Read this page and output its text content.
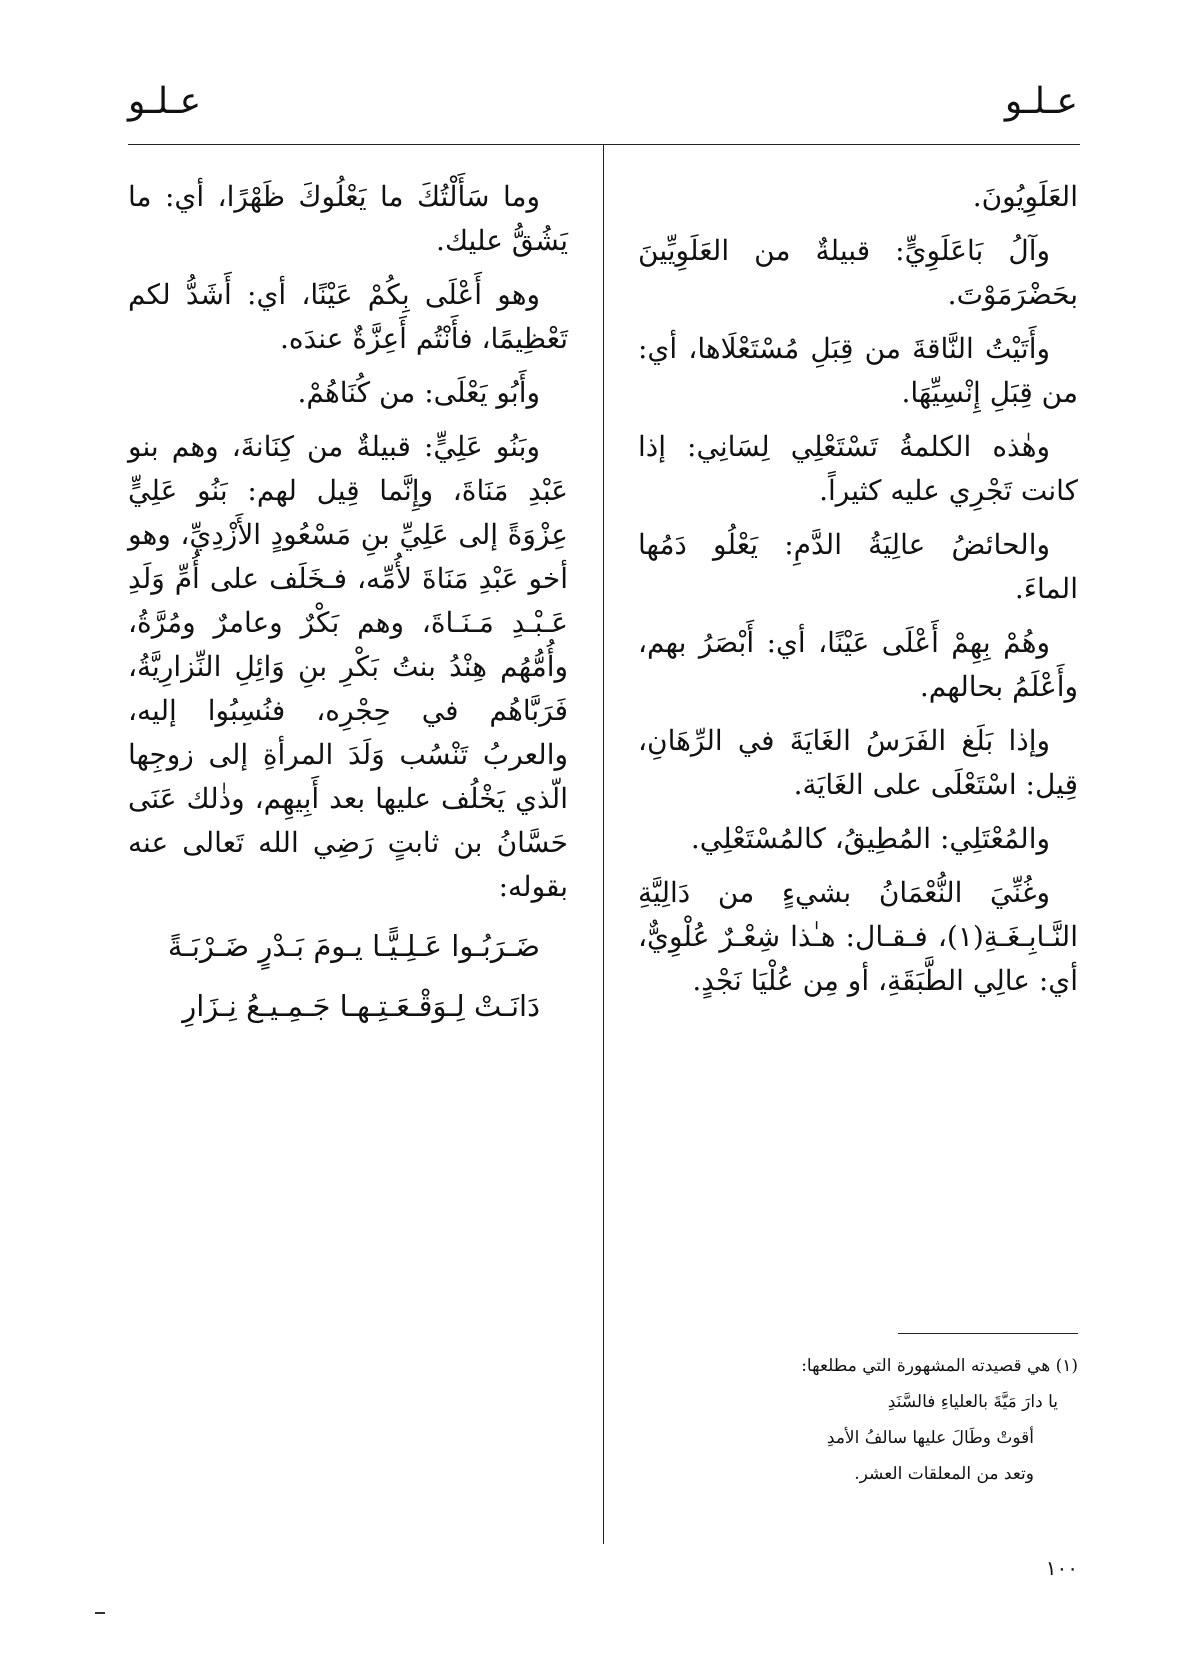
عـلـو
عـلـو

العَلَوِيُونَ.

وآلُ بَاعَلَوِيٍّ: قبيلةٌ من العَلَوِيِّينَ بحَضْرَمَوْتَ.

وأَتَيْتُ النَّاقةَ من قِبَلِ مُسْتَعْلَاها، أي: من قِبَلِ إِنْسِيِّهَا.

وهٰذه الكلمةُ تَسْتَعْلِي لِسَانِي: إذا كانت تَجْرِي عليه كثيراً.

والحائضُ عالِيَةُ الدَّمِ: يَعْلُو دَمُها الماءَ.

وهُمْ بِهِمْ أَعْلَى عَيْنًا، أي: أَبْصَرُ بهم، وأَعْلَمُ بحالهم.

وإذا بَلَغ الفَرَسُ الغَايَةَ في الرِّهَانِ، قِيل: اسْتَعْلَى على الغَايَة.

والمُعْتَلِي: المُطِيقُ، كالمُسْتَعْلِي.

وغُنِّيَ النُّعْمَانُ بشيءٍ من دَالِيَّةِ النَّـابِـغَـةِ(١)، فـقـال: هـٰذا شِعْـرٌ عُلْوِيٌّ، أي: عالِي الطَّبَقَةِ، أو مِن عُلْيَا نَجْدٍ.

وما سَأَلْتُكَ ما يَعْلُوكَ ظَهْرًا، أي: ما يَشُقُّ عليك.

وهو أَعْلَى بِكُمْ عَيْنًا، أي: أَشَدُّ لكم تَعْظِيمًا، فأَنْتُم أَعِزَّةٌ عندَه.

وأَبُو يَعْلَى: من كُنَاهُمْ.

وبَنُو عَلِيٍّ: قبيلةٌ من كِنَانةَ، وهم بنو عَبْدِ مَنَاةَ، وإِنَّما قِيل لهم: بَنُو عَلِيٍّ عِزْوَةً إلى عَلِيِّ بنِ مَسْعُودٍ الأَزْدِيِّ، وهو أخو عَبْدِ مَنَاةَ لأُمِّه، فـخَلَف على أُمِّ وَلَدِ عَـبْـدِ مَـنَـاةَ، وهم بَكْرٌ وعامرٌ ومُرَّةُ، وأُمُّهُم هِنْدُ بنتُ بَكْرِ بنِ وَائِلِ النِّزارِيَّةُ، فَرَبَّاهُم في حِجْرِه، فنُسِبُوا إليه، والعربُ تَنْسُب وَلَدَ المرأةِ إلى زوجِها الّذي يَخْلُف عليها بعد أَبِيهِم، وذٰلك عَنَى حَسَّانُ بن ثابتٍ رَضِي الله تَعالى عنه بقوله:

ضَـرَبُـوا عَـلِـيًّـا يـومَ بَـدْرٍ ضَـرْبَـةً

دَانَـتْ لِـوَقْـعَـتِـهـا جَـمِـيـعُ نِـزَارِ

(١) هي قصيدته المشهورة التي مطلعها:

يا دارَ مَيَّةَ بالعلياءِ فالسَّنَدِ

أقوتْ وطَالَ عليها سالفُ الأمدِ

وتعد من المعلقات العشر.

١٠٠
